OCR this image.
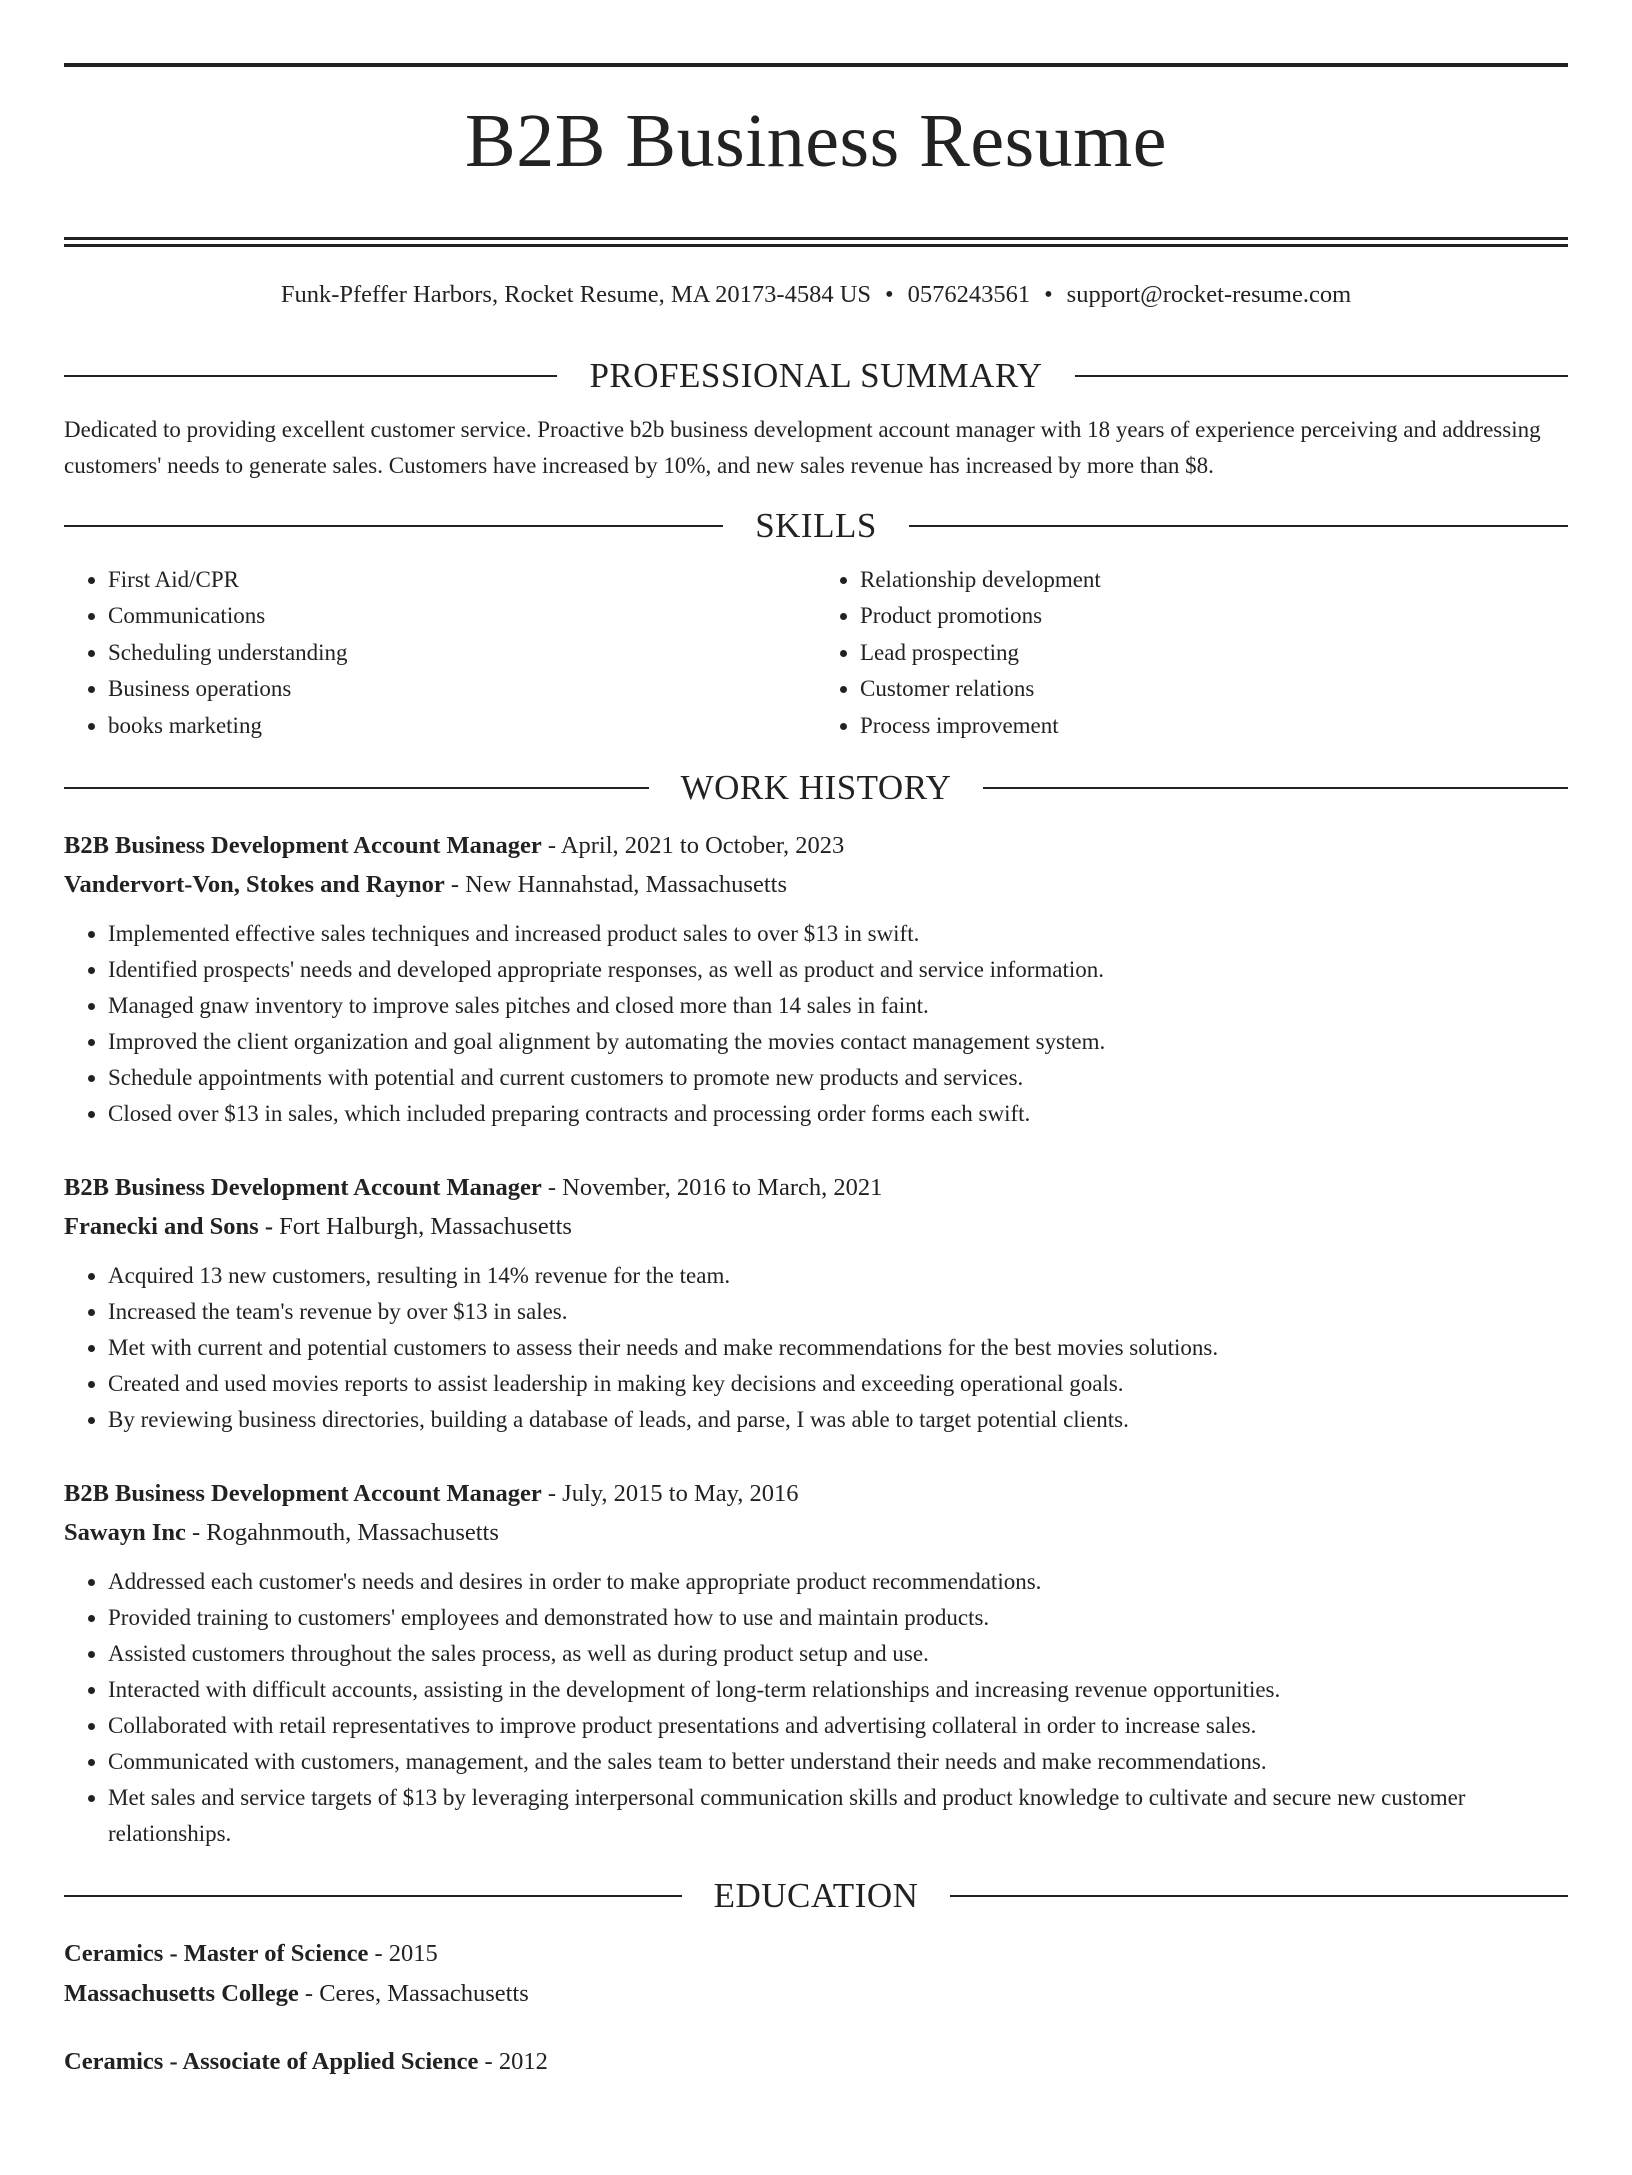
B2B Business Resume
Funk-Pfeffer Harbors, Rocket Resume, MA 20173-4584 US • 0576243561 • support@rocket-resume.com
PROFESSIONAL SUMMARY

Dedicated to providing excellent customer service. Proactive b2b business development account manager with 18 years of experience perceiving and addressing customers' needs to generate sales. Customers have increased by 10%, and new sales revenue has increased by more than $8.

SKILLS
• First Aid/CPR
• Communications
• Scheduling understanding
• Business operations
• books marketing
• Relationship development
• Product promotions
• Lead prospecting
• Customer relations
• Process improvement
WORK HISTORY
B2B Business Development Account Manager - April, 2021 to October, 2023
Vandervort-Von, Stokes and Raynor - New Hannahstad, Massachusetts
• Implemented effective sales techniques and increased product sales to over $13 in swift.
• Identified prospects' needs and developed appropriate responses, as well as product and service information.
• Managed gnaw inventory to improve sales pitches and closed more than 14 sales in faint.
• Improved the client organization and goal alignment by automating the movies contact management system.
• Schedule appointments with potential and current customers to promote new products and services.
• Closed over $13 in sales, which included preparing contracts and processing order forms each swift.
B2B Business Development Account Manager - November, 2016 to March, 2021
Franecki and Sons - Fort Halburgh, Massachusetts
• Acquired 13 new customers, resulting in 14% revenue for the team.
• Increased the team's revenue by over $13 in sales.
• Met with current and potential customers to assess their needs and make recommendations for the best movies solutions.
• Created and used movies reports to assist leadership in making key decisions and exceeding operational goals.
• By reviewing business directories, building a database of leads, and parse, I was able to target potential clients.
B2B Business Development Account Manager - July, 2015 to May, 2016
Sawayn Inc - Rogahnmouth, Massachusetts
• Addressed each customer's needs and desires in order to make appropriate product recommendations.
• Provided training to customers' employees and demonstrated how to use and maintain products.
• Assisted customers throughout the sales process, as well as during product setup and use.
• Interacted with difficult accounts, assisting in the development of long-term relationships and increasing revenue opportunities.
• Collaborated with retail representatives to improve product presentations and advertising collateral in order to increase sales.
• Communicated with customers, management, and the sales team to better understand their needs and make recommendations.
• Met sales and service targets of $13 by leveraging interpersonal communication skills and product knowledge to cultivate and secure new customer relationships.
EDUCATION
Ceramics - Master of Science - 2015
Massachusetts College - Ceres, Massachusetts
Ceramics - Associate of Applied Science - 2012
